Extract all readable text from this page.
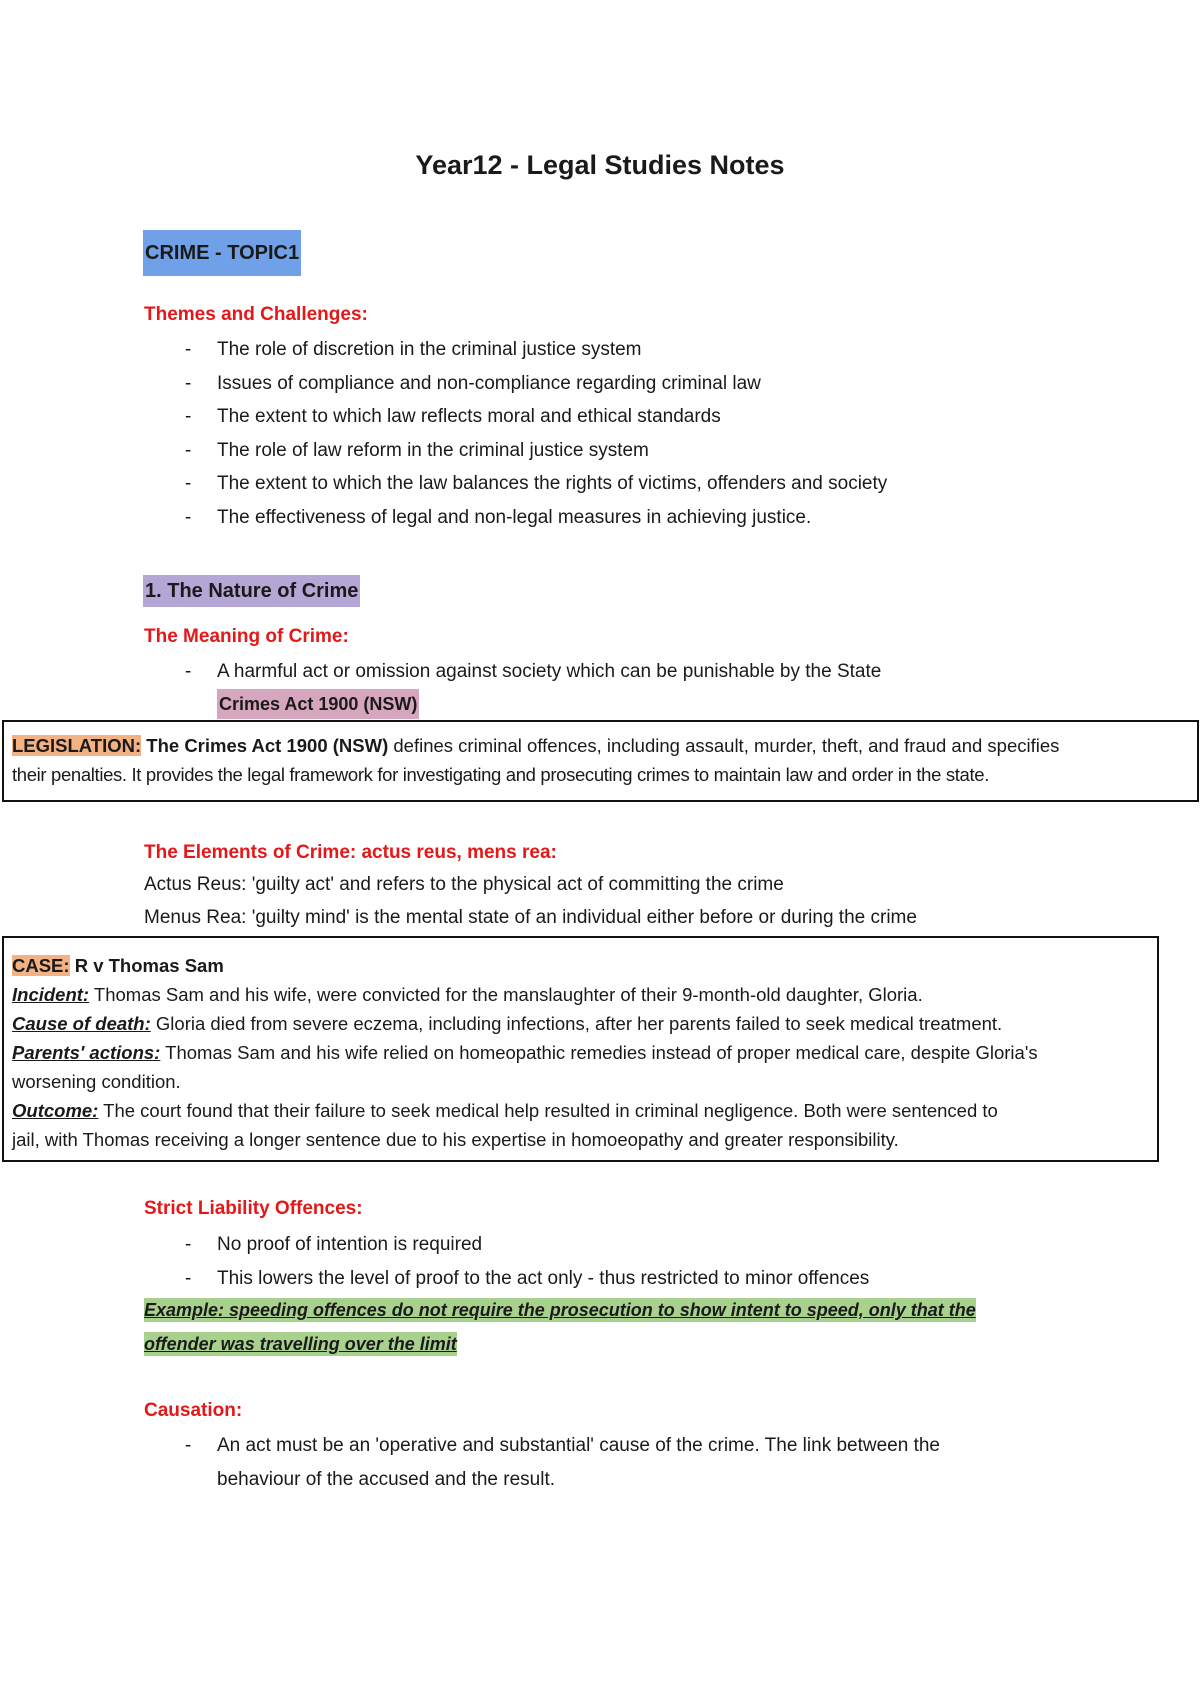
Year12 - Legal Studies Notes
CRIME - TOPIC1
Themes and Challenges:
- The role of discretion in the criminal justice system
- Issues of compliance and non-compliance regarding criminal law
- The extent to which law reflects moral and ethical standards
- The role of law reform in the criminal justice system
- The extent to which the law balances the rights of victims, offenders and society
- The effectiveness of legal and non-legal measures in achieving justice.
1. The Nature of Crime
The Meaning of Crime:
- A harmful act or omission against society which can be punishable by the State
Crimes Act 1900 (NSW)

LEGISLATION: The Crimes Act 1900 (NSW) defines criminal offences, including assault, murder, theft, and fraud and specifies

their penalties. It provides the legal framework for investigating and prosecuting crimes to maintain law and order in the state.

The Elements of Crime: actus reus, mens rea:
Actus Reus: 'guilty act' and refers to the physical act of committing the crime
Menus Rea: 'guilty mind' is the mental state of an individual either before or during the crime

CASE: R v Thomas Sam

Incident: Thomas Sam and his wife, were convicted for the manslaughter of their 9-month-old daughter, Gloria.

Cause of death: Gloria died from severe eczema, including infections, after her parents failed to seek medical treatment.

Parents' actions: Thomas Sam and his wife relied on homeopathic remedies instead of proper medical care, despite Gloria's

worsening condition.

Outcome: The court found that their failure to seek medical help resulted in criminal negligence. Both were sentenced to

jail, with Thomas receiving a longer sentence due to his expertise in homoeopathy and greater responsibility.

Strict Liability Offences:
- No proof of intention is required
- This lowers the level of proof to the act only - thus restricted to minor offences
Example: speeding offences do not require the prosecution to show intent to speed, only that the
offender was travelling over the limit
Causation:
- An act must be an 'operative and substantial' cause of the crime. The link between the
behaviour of the accused and the result.
